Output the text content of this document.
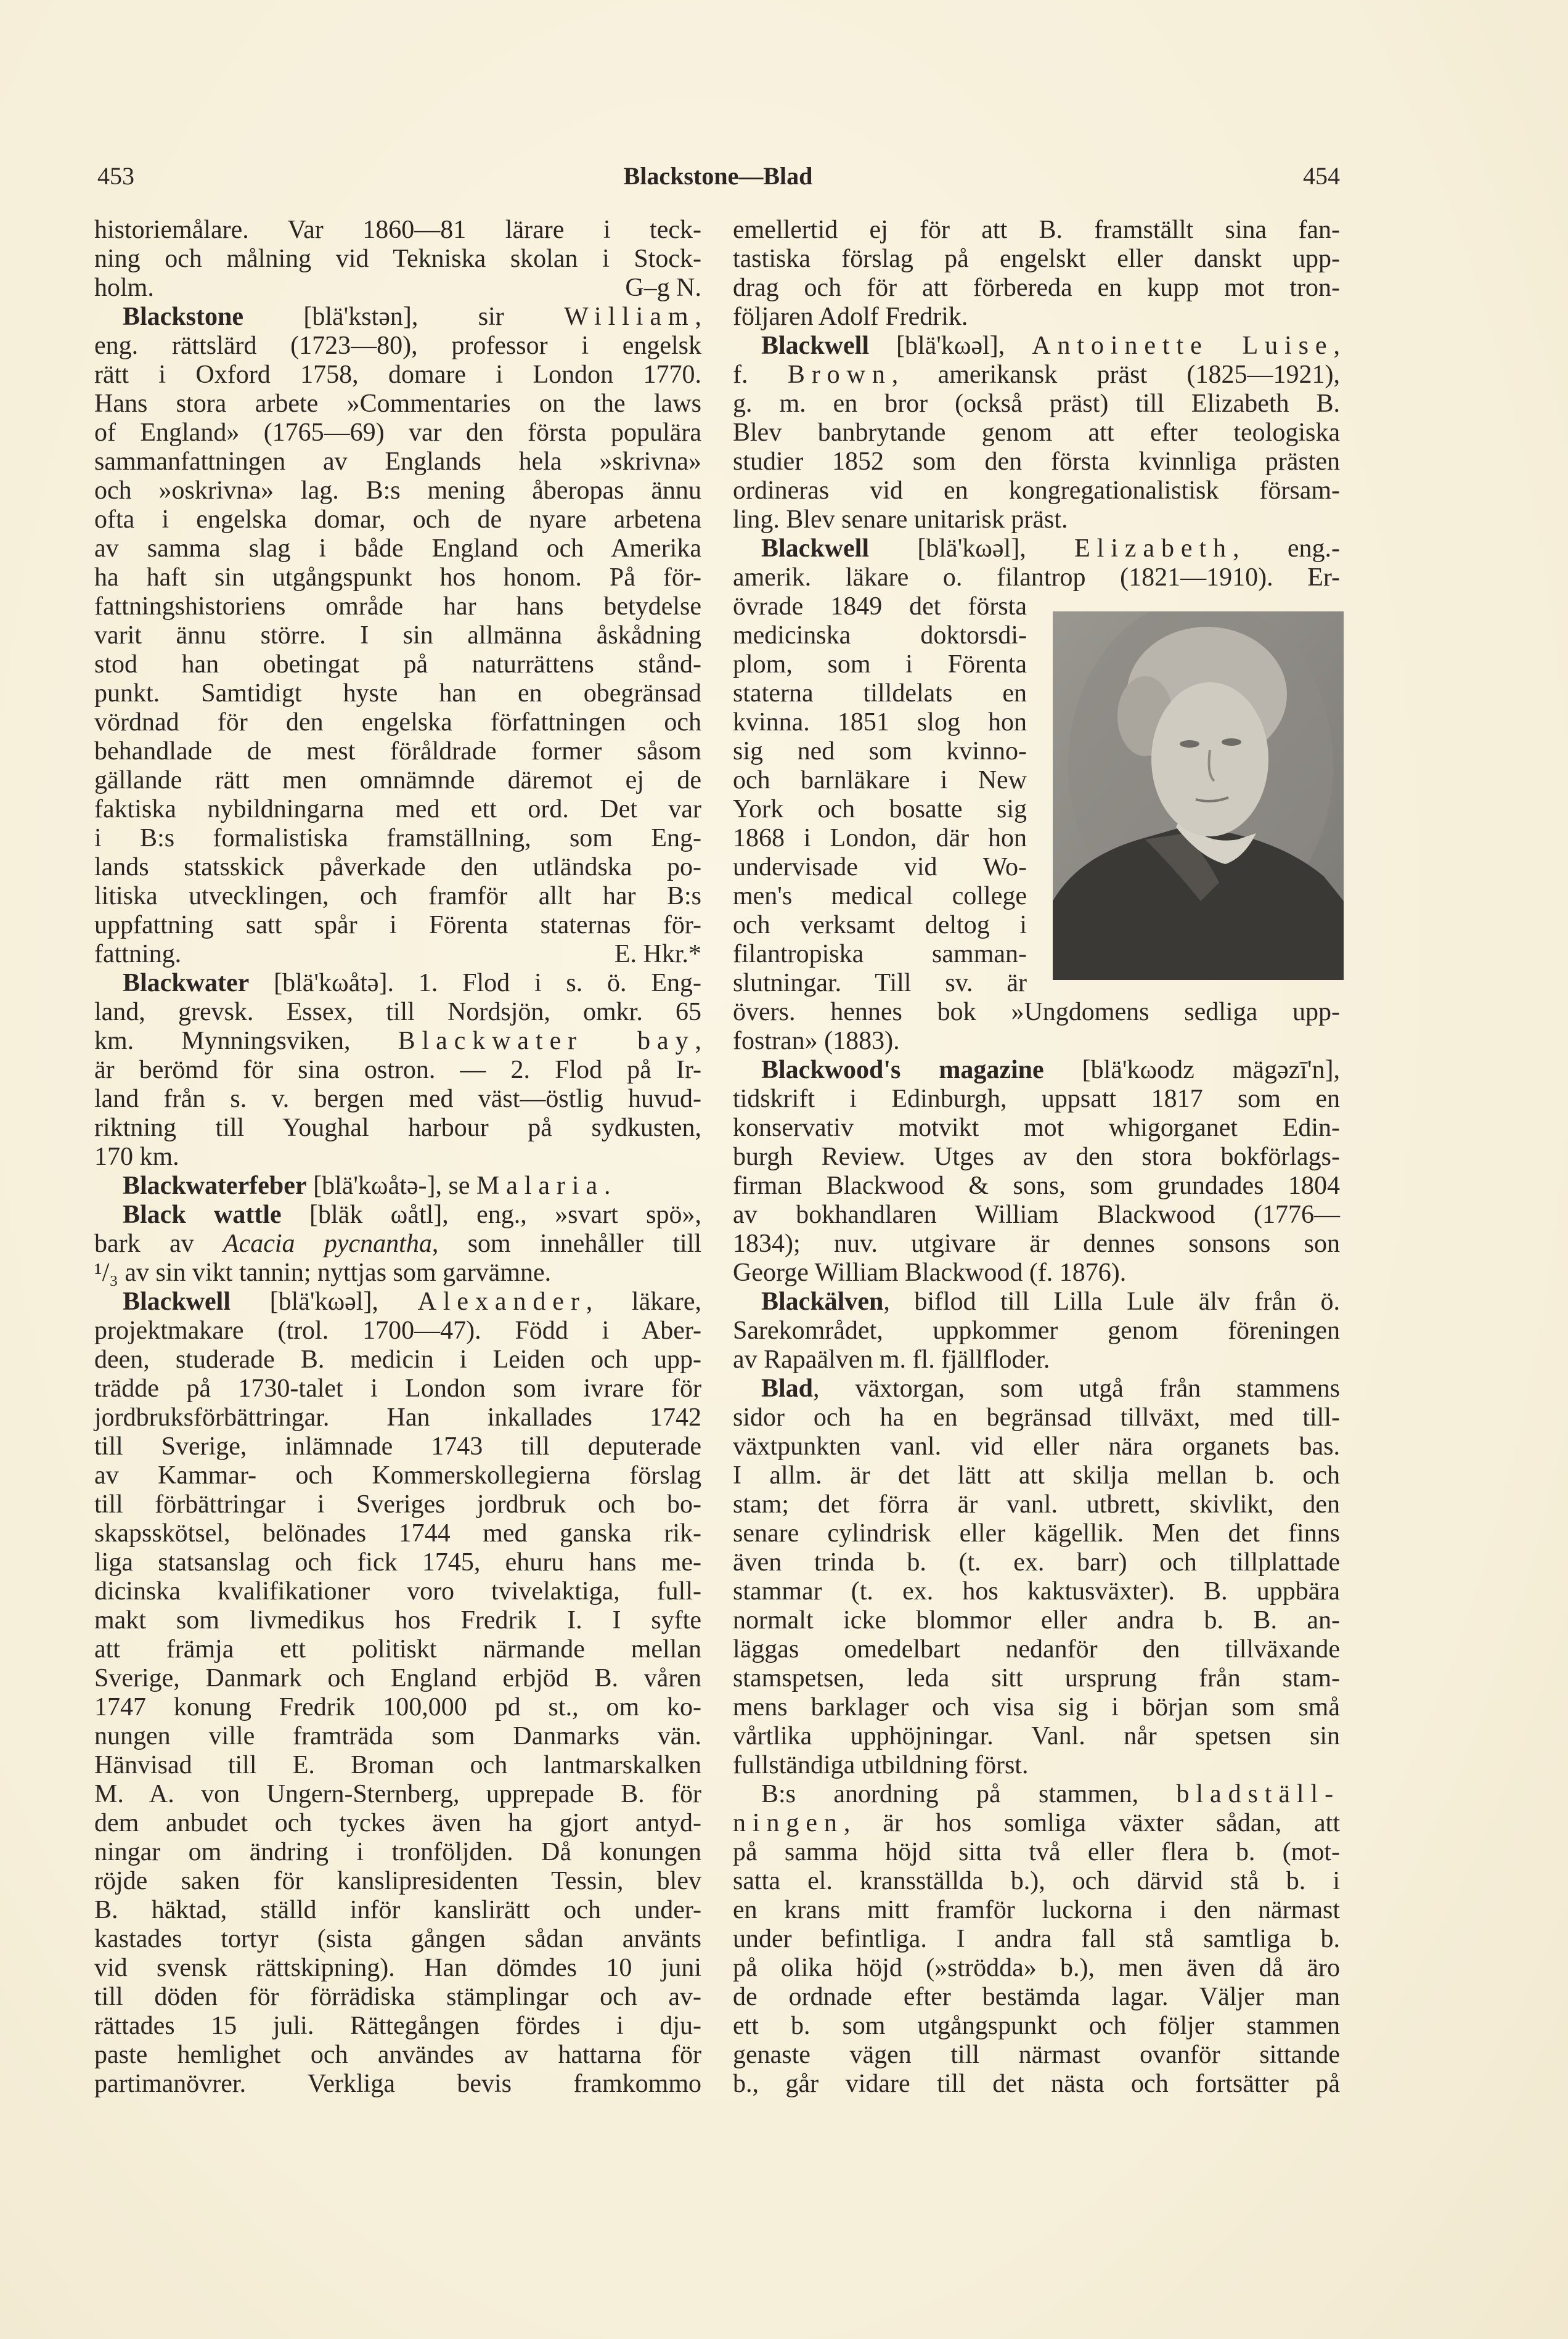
453	Blackstone—Blad	454
historiemålare. Var 1860—81 lärare i teck-
ning och målning vid Tekniska skolan i Stock-
G–g N.
holm.
Blackstone [blä'kstən], sir William,
eng. rättslärd (1723—80), professor i engelsk
rätt i Oxford 1758, domare i London 1770.
Hans stora arbete »Commentaries on the laws
of England» (1765—69) var den första populära
sammanfattningen av Englands hela »skrivna»
och »oskrivna» lag. B:s mening åberopas ännu
ofta i engelska domar, och de nyare arbetena
av samma slag i både England och Amerika
ha haft sin utgångspunkt hos honom. På för-
fattningshistoriens område har hans betydelse
varit ännu större. I sin allmänna åskådning
stod han obetingat på naturrättens stånd-
punkt. Samtidigt hyste han en obegränsad
vördnad för den engelska författningen och
behandlade de mest föråldrade former såsom
gällande rätt men omnämnde däremot ej de
faktiska nybildningarna med ett ord. Det var
i B:s formalistiska framställning, som Eng-
lands statsskick påverkade den utländska po-
litiska utvecklingen, och framför allt har B:s
uppfattning satt spår i Förenta staternas för-
E. Hkr.*
fattning.
Blackwater [blä'kωåtə]. 1. Flod i s. ö. Eng-
land, grevsk. Essex, till Nordsjön, omkr. 65
km. Mynningsviken, Blackwater bay,
är berömd för sina ostron. — 2. Flod på Ir-
land från s. v. bergen med väst—östlig huvud-
riktning till Youghal harbour på sydkusten,
170 km.
Blackwaterfeber [blä'kωåtə-], se Malaria.
Black wattle [bläk ωåtl], eng., »svart spö»,
bark av Acacia pycnantha, som innehåller till
¹/₃ av sin vikt tannin; nyttjas som garvämne.
Blackwell [blä'kωəl], Alexander, läkare,
projektmakare (trol. 1700—47). Född i Aber-
deen, studerade B. medicin i Leiden och upp-
trädde på 1730-talet i London som ivrare för
jordbruksförbättringar. Han inkallades 1742
till Sverige, inlämnade 1743 till deputerade
av Kammar- och Kommerskollegierna förslag
till förbättringar i Sveriges jordbruk och bo-
skapsskötsel, belönades 1744 med ganska rik-
liga statsanslag och fick 1745, ehuru hans me-
dicinska kvalifikationer voro tvivelaktiga, full-
makt som livmedikus hos Fredrik I. I syfte
att främja ett politiskt närmande mellan
Sverige, Danmark och England erbjöd B. våren
1747 konung Fredrik 100,000 pd st., om ko-
nungen ville framträda som Danmarks vän.
Hänvisad till E. Broman och lantmarskalken
M. A. von Ungern-Sternberg, upprepade B. för
dem anbudet och tyckes även ha gjort antyd-
ningar om ändring i tronföljden. Då konungen
röjde saken för kanslipresidenten Tessin, blev
B. häktad, ställd inför kanslirätt och under-
kastades tortyr (sista gången sådan använts
vid svensk rättskipning). Han dömdes 10 juni
till döden för förrädiska stämplingar och av-
rättades 15 juli. Rättegången fördes i dju-
paste hemlighet och användes av hattarna för
partimanövrer. Verkliga bevis framkommo
emellertid ej för att B. framställt sina fan-
tastiska förslag på engelskt eller danskt upp-
drag och för att förbereda en kupp mot tron-
följaren Adolf Fredrik.
Blackwell [blä'kωəl], Antoinette Luise,
f. Brown, amerikansk präst (1825—1921),
g. m. en bror (också präst) till Elizabeth B.
Blev banbrytande genom att efter teologiska
studier 1852 som den första kvinnliga prästen
ordineras vid en kongregationalistisk försam-
ling. Blev senare unitarisk präst.
Blackwell [blä'kωəl], Elizabeth, eng.-
amerik. läkare o. filantrop (1821—1910). Er-
övrade 1849 det första
medicinska doktorsdi-
plom, som i Förenta
staterna tilldelats en
kvinna. 1851 slog hon
sig ned som kvinno-
och barnläkare i New
York och bosatte sig
1868 i London, där hon
undervisade vid Wo-
men's medical college
och verksamt deltog i
filantropiska samman-
slutningar. Till sv. är
övers. hennes bok »Ungdomens sedliga upp-
fostran» (1883).
Blackwood's magazine [blä'kωodz mägəzī'n],
tidskrift i Edinburgh, uppsatt 1817 som en
konservativ motvikt mot whigorganet Edin-
burgh Review. Utges av den stora bokförlags-
firman Blackwood & sons, som grundades 1804
av bokhandlaren William Blackwood (1776—
1834); nuv. utgivare är dennes sonsons son
George William Blackwood (f. 1876).
Blackälven, biflod till Lilla Lule älv från ö.
Sarekområdet, uppkommer genom föreningen
av Rapaälven m. fl. fjällfloder.
Blad, växtorgan, som utgå från stammens
sidor och ha en begränsad tillväxt, med till-
växtpunkten vanl. vid eller nära organets bas.
I allm. är det lätt att skilja mellan b. och
stam; det förra är vanl. utbrett, skivlikt, den
senare cylindrisk eller kägellik. Men det finns
även trinda b. (t. ex. barr) och tillplattade
stammar (t. ex. hos kaktusväxter). B. uppbära
normalt icke blommor eller andra b. B. an-
läggas omedelbart nedanför den tillväxande
stamspetsen, leda sitt ursprung från stam-
mens barklager och visa sig i början som små
vårtlika upphöjningar. Vanl. når spetsen sin
fullständiga utbildning först.
B:s anordning på stammen, bladställ-
ningen, är hos somliga växter sådan, att
på samma höjd sitta två eller flera b. (mot-
satta el. kransställda b.), och därvid stå b. i
en krans mitt framför luckorna i den närmast
under befintliga. I andra fall stå samtliga b.
på olika höjd (»strödda» b.), men även då äro
de ordnade efter bestämda lagar. Väljer man
ett b. som utgångspunkt och följer stammen
genaste vägen till närmast ovanför sittande
b., går vidare till det nästa och fortsätter på
